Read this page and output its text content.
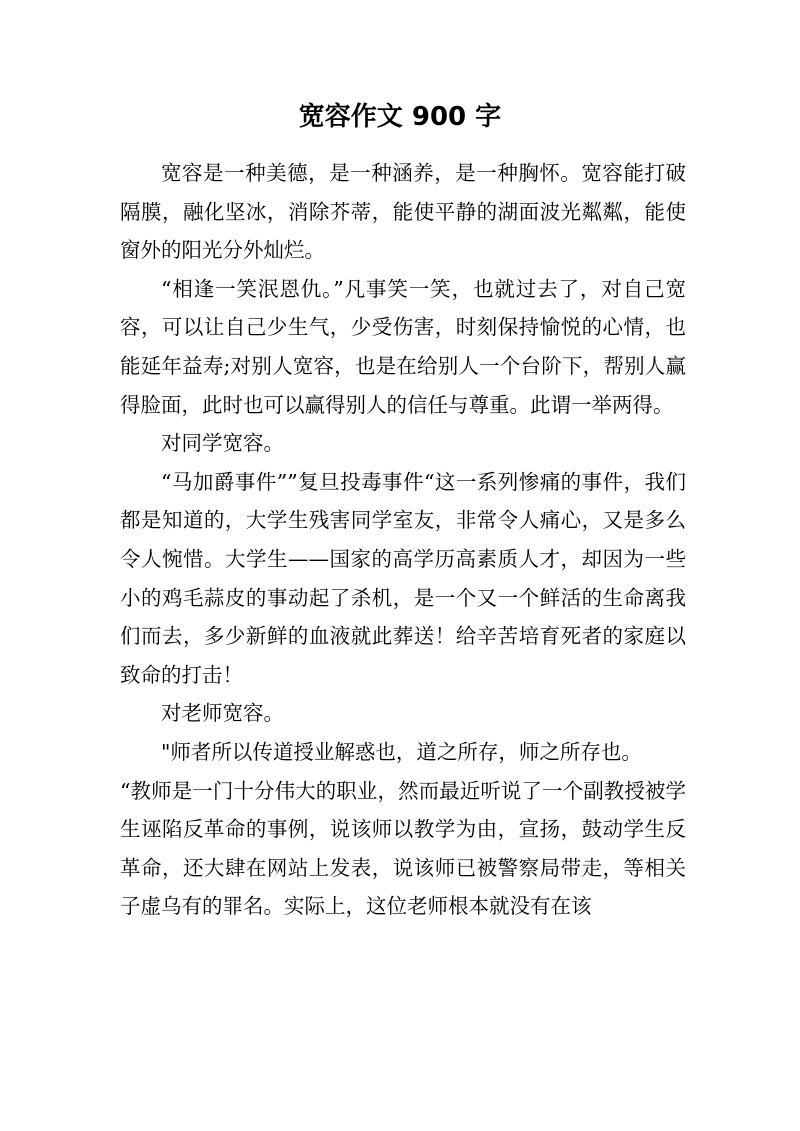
宽容作文 900 字

宽容是一种美德，是一种涵养，是一种胸怀。宽容能打破隔膜，融化坚冰，消除芥蒂，能使平静的湖面波光粼粼，能使窗外的阳光分外灿烂。

“相逢一笑泯恩仇。”凡事笑一笑，也就过去了，对自己宽容，可以让自己少生气，少受伤害，时刻保持愉悦的心情，也能延年益寿;对别人宽容，也是在给别人一个台阶下，帮别人赢得脸面，此时也可以赢得别人的信任与尊重。此谓一举两得。

对同学宽容。

“马加爵事件””复旦投毒事件“这一系列惨痛的事件，我们都是知道的，大学生残害同学室友，非常令人痛心，又是多么令人惋惜。大学生——国家的高学历高素质人才，却因为一些小的鸡毛蒜皮的事动起了杀机，是一个又一个鲜活的生命离我们而去，多少新鲜的血液就此葬送！给辛苦培育死者的家庭以致命的打击！

对老师宽容。

"师者所以传道授业解惑也，道之所存，师之所存也。

“教师是一门十分伟大的职业，然而最近听说了一个副教授被学生诬陷反革命的事例，说该师以教学为由，宣扬，鼓动学生反革命，还大肆在网站上发表，说该师已被警察局带走，等相关子虚乌有的罪名。实际上，这位老师根本就没有在该
